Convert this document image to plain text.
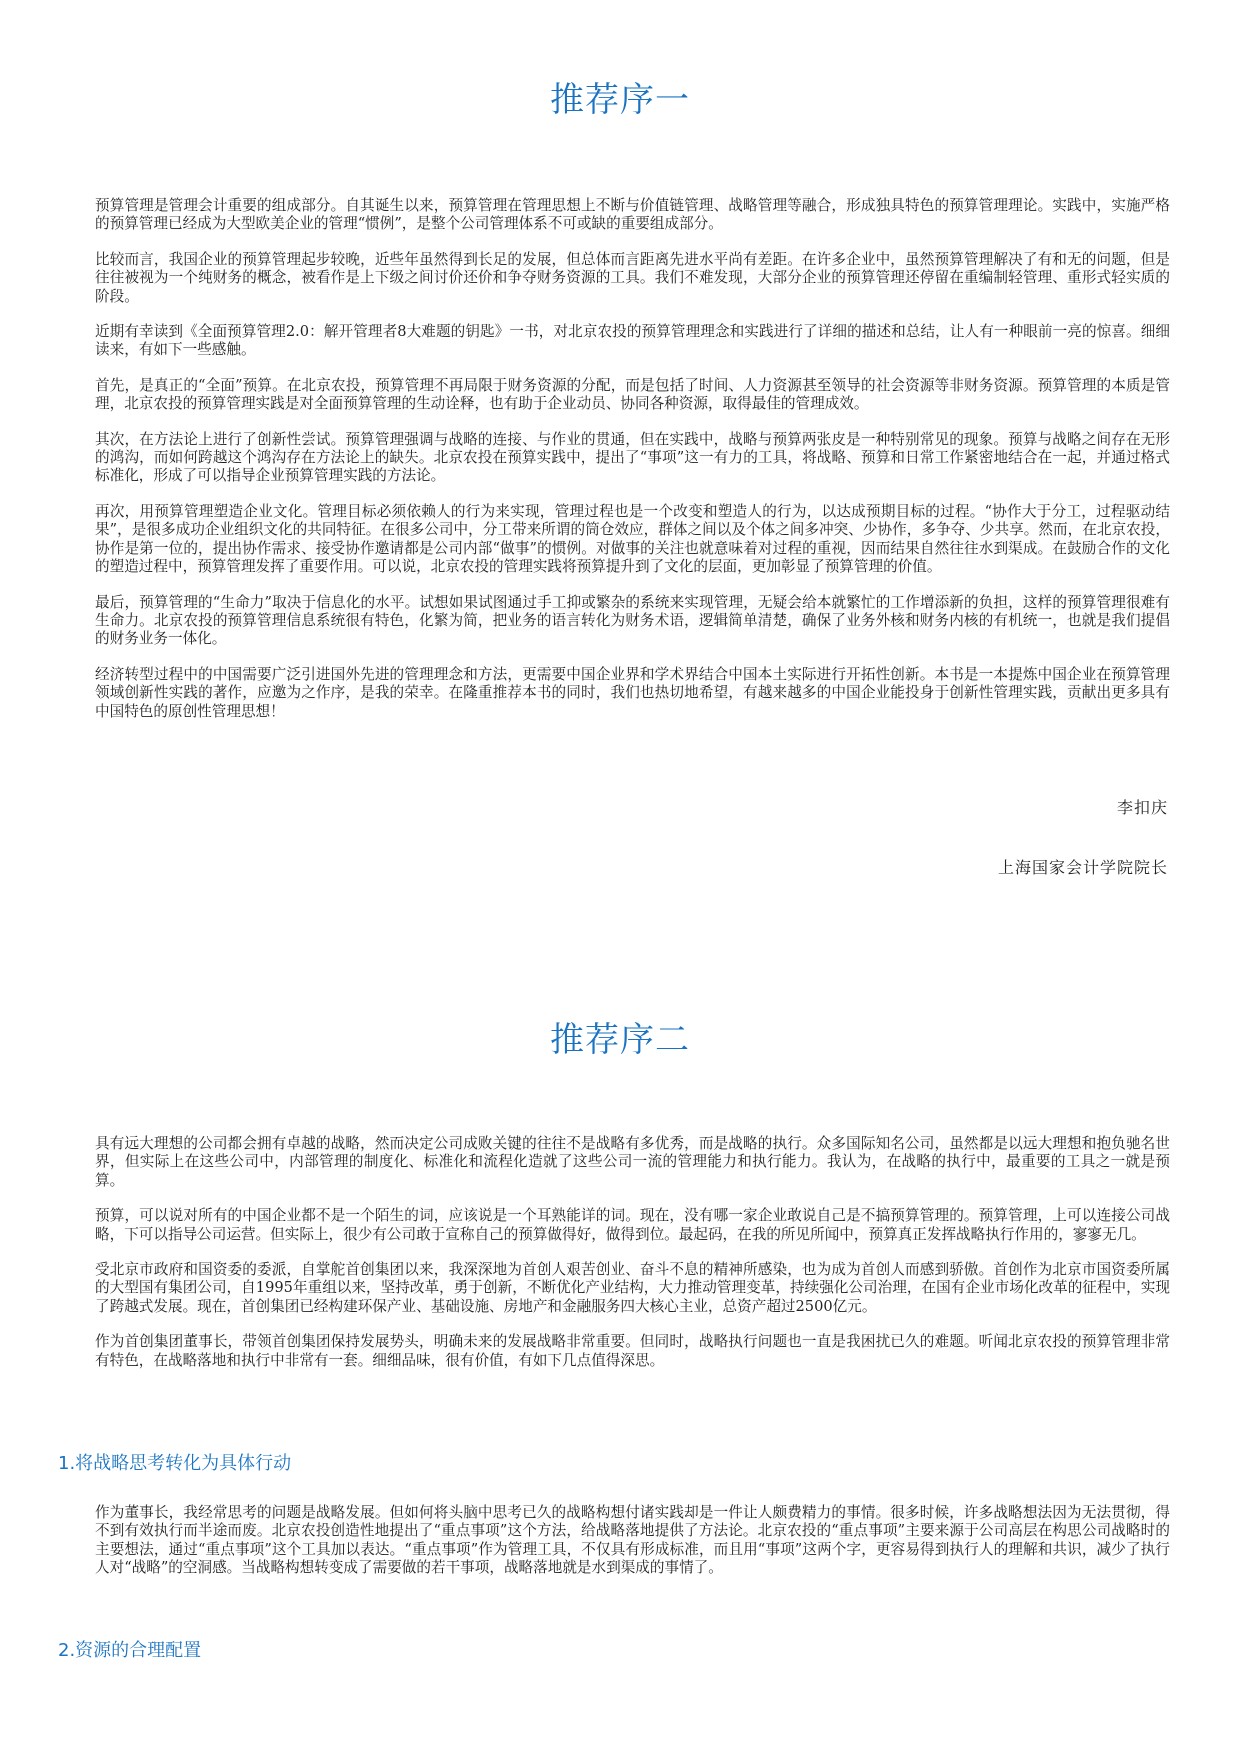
推荐序一

预算管理是管理会计重要的组成部分。自其诞生以来，预算管理在管理思想上不断与价值链管理、战略管理等融合，形成独具特色的预算管理理论。实践中，实施严格的预算管理已经成为大型欧美企业的管理“惯例”，是整个公司管理体系不可或缺的重要组成部分。

比较而言，我国企业的预算管理起步较晚，近些年虽然得到长足的发展，但总体而言距离先进水平尚有差距。在许多企业中，虽然预算管理解决了有和无的问题，但是往往被视为一个纯财务的概念，被看作是上下级之间讨价还价和争夺财务资源的工具。我们不难发现，大部分企业的预算管理还停留在重编制轻管理、重形式轻实质的阶段。

近期有幸读到《全面预算管理2.0：解开管理者8大难题的钥匙》一书，对北京农投的预算管理理念和实践进行了详细的描述和总结，让人有一种眼前一亮的惊喜。细细读来，有如下一些感触。

首先，是真正的“全面”预算。在北京农投，预算管理不再局限于财务资源的分配，而是包括了时间、人力资源甚至领导的社会资源等非财务资源。预算管理的本质是管理，北京农投的预算管理实践是对全面预算管理的生动诠释，也有助于企业动员、协同各种资源，取得最佳的管理成效。

其次，在方法论上进行了创新性尝试。预算管理强调与战略的连接、与作业的贯通，但在实践中，战略与预算两张皮是一种特别常见的现象。预算与战略之间存在无形的鸿沟，而如何跨越这个鸿沟存在方法论上的缺失。北京农投在预算实践中，提出了“事项”这一有力的工具，将战略、预算和日常工作紧密地结合在一起，并通过格式标准化，形成了可以指导企业预算管理实践的方法论。

再次，用预算管理塑造企业文化。管理目标必须依赖人的行为来实现，管理过程也是一个改变和塑造人的行为，以达成预期目标的过程。“协作大于分工，过程驱动结果”，是很多成功企业组织文化的共同特征。在很多公司中，分工带来所谓的筒仓效应，群体之间以及个体之间多冲突、少协作，多争夺、少共享。然而，在北京农投，协作是第一位的，提出协作需求、接受协作邀请都是公司内部“做事”的惯例。对做事的关注也就意味着对过程的重视，因而结果自然往往水到渠成。在鼓励合作的文化的塑造过程中，预算管理发挥了重要作用。可以说，北京农投的管理实践将预算提升到了文化的层面，更加彰显了预算管理的价值。

最后，预算管理的“生命力”取决于信息化的水平。试想如果试图通过手工抑或繁杂的系统来实现管理，无疑会给本就繁忙的工作增添新的负担，这样的预算管理很难有生命力。北京农投的预算管理信息系统很有特色，化繁为简，把业务的语言转化为财务术语，逻辑简单清楚，确保了业务外核和财务内核的有机统一，也就是我们提倡的财务业务一体化。

经济转型过程中的中国需要广泛引进国外先进的管理理念和方法，更需要中国企业界和学术界结合中国本土实际进行开拓性创新。本书是一本提炼中国企业在预算管理领域创新性实践的著作，应邀为之作序，是我的荣幸。在隆重推荐本书的同时，我们也热切地希望，有越来越多的中国企业能投身于创新性管理实践，贡献出更多具有中国特色的原创性管理思想！

李扣庆

上海国家会计学院院长

推荐序二

具有远大理想的公司都会拥有卓越的战略，然而决定公司成败关键的往往不是战略有多优秀，而是战略的执行。众多国际知名公司，虽然都是以远大理想和抱负驰名世界，但实际上在这些公司中，内部管理的制度化、标准化和流程化造就了这些公司一流的管理能力和执行能力。我认为，在战略的执行中，最重要的工具之一就是预算。

预算，可以说对所有的中国企业都不是一个陌生的词，应该说是一个耳熟能详的词。现在，没有哪一家企业敢说自己是不搞预算管理的。预算管理，上可以连接公司战略，下可以指导公司运营。但实际上，很少有公司敢于宣称自己的预算做得好，做得到位。最起码，在我的所见所闻中，预算真正发挥战略执行作用的，寥寥无几。

受北京市政府和国资委的委派，自掌舵首创集团以来，我深深地为首创人艰苦创业、奋斗不息的精神所感染，也为成为首创人而感到骄傲。首创作为北京市国资委所属的大型国有集团公司，自1995年重组以来，坚持改革，勇于创新，不断优化产业结构，大力推动管理变革，持续强化公司治理，在国有企业市场化改革的征程中，实现了跨越式发展。现在，首创集团已经构建环保产业、基础设施、房地产和金融服务四大核心主业，总资产超过2500亿元。

作为首创集团董事长，带领首创集团保持发展势头，明确未来的发展战略非常重要。但同时，战略执行问题也一直是我困扰已久的难题。听闻北京农投的预算管理非常有特色，在战略落地和执行中非常有一套。细细品味，很有价值，有如下几点值得深思。

1.将战略思考转化为具体行动

作为董事长，我经常思考的问题是战略发展。但如何将头脑中思考已久的战略构想付诸实践却是一件让人颇费精力的事情。很多时候，许多战略想法因为无法贯彻，得不到有效执行而半途而废。北京农投创造性地提出了“重点事项”这个方法，给战略落地提供了方法论。北京农投的“重点事项”主要来源于公司高层在构思公司战略时的主要想法，通过“重点事项”这个工具加以表达。“重点事项”作为管理工具，不仅具有形成标准，而且用“事项”这两个字，更容易得到执行人的理解和共识，减少了执行人对“战略”的空洞感。当战略构想转变成了需要做的若干事项，战略落地就是水到渠成的事情了。

2.资源的合理配置
